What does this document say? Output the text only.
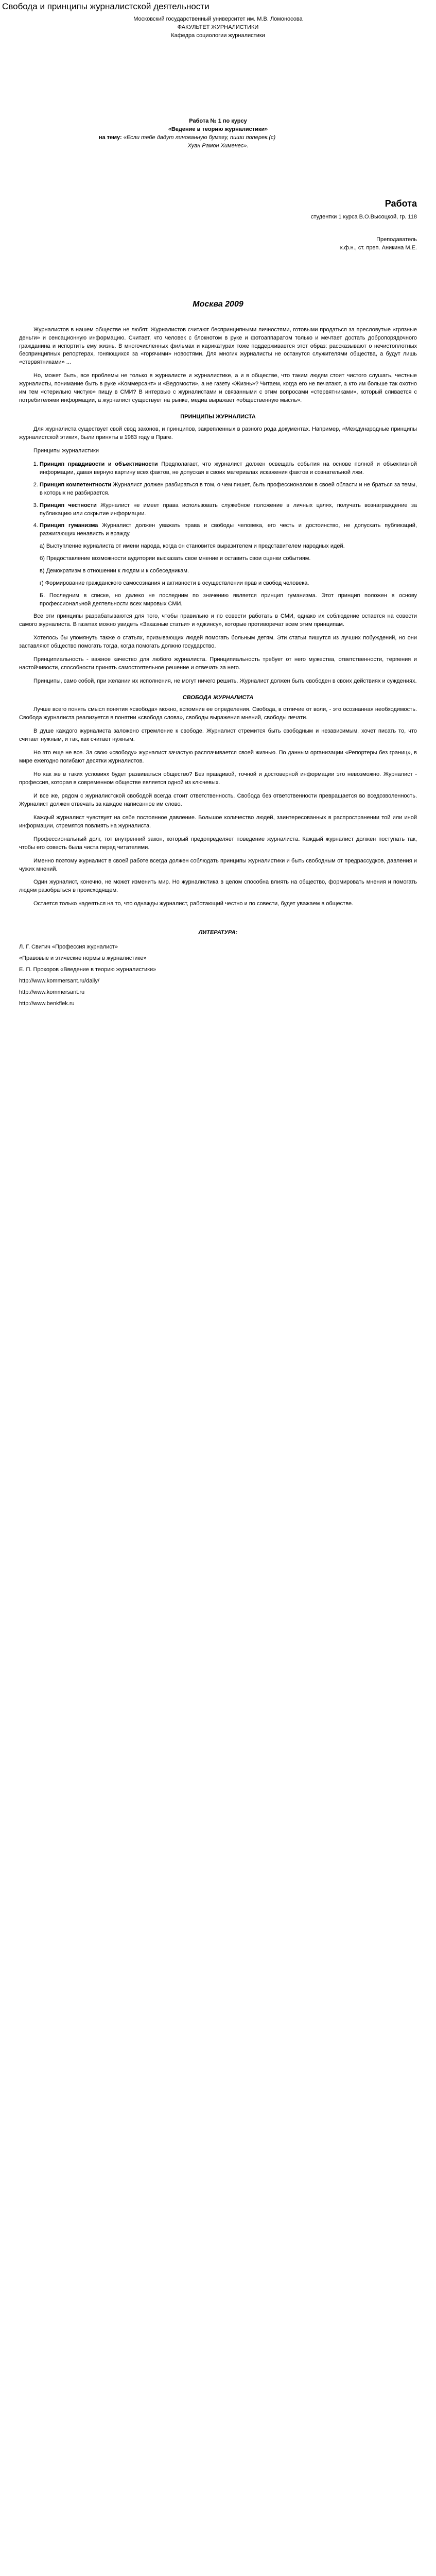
Свобода и принципы журналистской деятельности
Московский государственный университет им. М.В. Ломоносова
ФАКУЛЬТЕТ ЖУРНАЛИСТИКИ
Кафедра социологии журналистики
Работа № 1 по курсу
«Ведение в теорию журналистики»
на тему: «Если тебе дадут линованную бумагу, пиши поперек.(с)
Хуан Рамон Хименес».
Работа
студентки 1 курса В.О.Высоцкой, гр. 118
Преподаватель
к.ф.н., ст. преп. Аникина М.Е.
Москва 2009

Журналистов в нашем обществе не любят. Журналистов считают беспринципными личностями, готовыми продаться за пресловутые «грязные деньги» и сенсационную информацию. Считает, что человек с блокнотом в руке и фотоаппаратом только и мечтает достать добропорядочного гражданина и испортить ему жизнь. В многочисленных фильмах и карикатурах тоже поддерживается этот образ: рассказывают о нечистоплотных беспринципных репортерах, гоняющихся за «горячими» новостями. Для многих журналисты не останутся служителями общества, а будут лишь «стервятниками» ...

Но, может быть, все проблемы не только в журналисте и журналистике, а и в обществе, что таким людям стоит чистого слушать, честные журналисты, понимание быть в руке «Коммерсант» и «Ведомости», а не газету «Жизнь»? Читаем, когда его не печатают, а кто им больше так охотно им тем «стерильно чистую» пищу в СМИ? В интервью с журналистами и связанными с этим вопросами «стервятниками», который сливается с потребителями информации, а журналист существует на рынке, медиа выражает «общественную мысль».

ПРИНЦИПЫ ЖУРНАЛИСТА

Для журналиста существует свой свод законов, и принципов, закрепленных в разного рода документах. Например, «Международные принципы журналистской этики», были приняты в 1983 году в Праге.

Принципы журналистики

1. Принцип правдивости и объективности Предполагает, что журналист должен освещать события на основе полной и объективной информации, давая верную картину всех фактов, не допуская в своих материалах искажения фактов и сознательной лжи.
2. Принцип компетентности Журналист должен разбираться в том, о чем пишет, быть профессионалом в своей области и не браться за темы, в которых не разбирается.
3. Принцип честности Журналист не имеет права использовать служебное положение в личных целях, получать вознаграждение за публикацию или сокрытие информации.
4. Принцип гуманизма Журналист должен уважать права и свободы человека, его честь и достоинство, не допускать публикаций, разжигающих ненависть и вражду.
а) Выступление журналиста от имени народа, когда он становится выразителем и представителем народных идей.
б) Предоставление возможности аудитории высказать свое мнение и оставить свои оценки событиям.
в) Демократизм в отношении к людям и к собеседникам.
г) Формирование гражданского самосознания и активности в осуществлении прав и свобод человека.
Б. Последним в списке, но далеко не последним по значению является принцип гуманизма. Этот принцип положен в основу профессиональной деятельности всех мировых СМИ.

Все эти принципы разрабатываются для того, чтобы правильно и по совести работать в СМИ, однако их соблюдение остается на совести самого журналиста. В газетах можно увидеть «Заказные статьи» и «джинсу», которые противоречат всем этим принципам.

Хотелось бы упомянуть также о статьях, призывающих людей помогать больным детям. Эти статьи пишутся из лучших побуждений, но они заставляют общество помогать тогда, когда помогать должно государство.

Принципиальность - важное качество для любого журналиста. Принципиальность требует от него мужества, ответственности, терпения и настойчивости, способности принять самостоятельное решение и отвечать за него.

Принципы, само собой, при желании их исполнения, не могут ничего решить. Журналист должен быть свободен в своих действиях и суждениях.

СВОБОДА ЖУРНАЛИСТА

Лучше всего понять смысл понятия «свобода» можно, вспомнив ее определения. Свобода, в отличие от воли, - это осознанная необходимость. Свобода журналиста реализуется в понятии «свобода слова», свободы выражения мнений, свободы печати.

В душе каждого журналиста заложено стремление к свободе. Журналист стремится быть свободным и независимым, хочет писать то, что считает нужным, и так, как считает нужным.

Но это еще не все. За свою «свободу» журналист зачастую расплачивается своей жизнью. По данным организации «Репортеры без границ», в мире ежегодно погибают десятки журналистов.

Но как же в таких условиях будет развиваться общество? Без правдивой, точной и достоверной информации это невозможно. Журналист - профессия, которая в современном обществе является одной из ключевых.

И все же, рядом с журналистской свободой всегда стоит ответственность. Свобода без ответственности превращается во вседозволенность. Журналист должен отвечать за каждое написанное им слово.

Каждый журналист чувствует на себе постоянное давление. Большое количество людей, заинтересованных в распространении той или иной информации, стремятся повлиять на журналиста.

Профессиональный долг, тот внутренний закон, который предопределяет поведение журналиста. Каждый журналист должен поступать так, чтобы его совесть была чиста перед читателями.

Именно поэтому журналист в своей работе всегда должен соблюдать принципы журналистики и быть свободным от предрассудков, давления и чужих мнений.

Один журналист, конечно, не может изменить мир. Но журналистика в целом способна влиять на общество, формировать мнения и помогать людям разобраться в происходящем.

Остается только надеяться на то, что однажды журналист, работающий честно и по совести, будет уважаем в обществе.

ЛИТЕРАТУРА:
Л. Г. Свитич «Профессия журналист»
«Правовые и этические нормы в журналистике»
Е. П. Прохоров «Введение в теорию журналистики»
http://www.kommersant.ru/daily/
http://www.kommersant.ru
http://www.benkflek.ru
